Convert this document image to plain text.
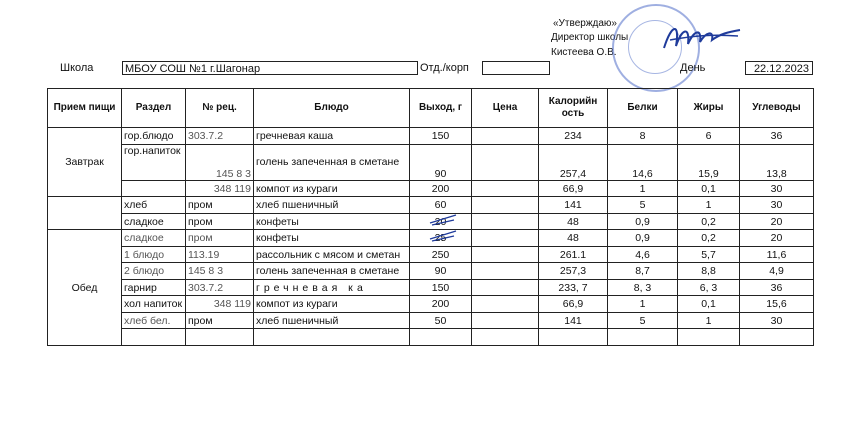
«Утверждаю»
Директор школы
Кистеева О.В.
Школа	МБОУ СОШ №1 г.Шагонар	Отд./корп	День	22.12.2023
Прием пищи	Раздел	№ рец.	Блюдо	Выход, г	Цена	Калорийн ость	Белки	Жиры	Углеводы
Завтрак	гор.блюдо	303.7.2	гречневая каша	150		234	8	6	36
	гор.напиток	145 8 3	голень запеченная в сметане	90		257,4	14,6	15,9	13,8
		348 119	компот из кураги	200		66,9	1	0,1	30
	хлеб	пром	хлеб пшеничный	60		141	5	1	30
	сладкое	пром	конфеты	20		48	0,9	0,2	20
Обед	сладкое	пром	конфеты	25		48	0,9	0,2	20
	1 блюдо	113.19	рассольник с мясом и сметан	250		261.1	4,6	5,7	11,6
	2 блюдо	145 8 3	голень запеченная в сметане	90		257,3	8,7	8,8	4,9
	гарнир	303.7.2	гречневая ка	150		233, 7	8, 3	6, 3	36
	хол напиток	348 119	компот из кураги	200		66,9	1	0,1	15,6
	хлеб бел.	пром	хлеб пшеничный	50		141	5	1	30
